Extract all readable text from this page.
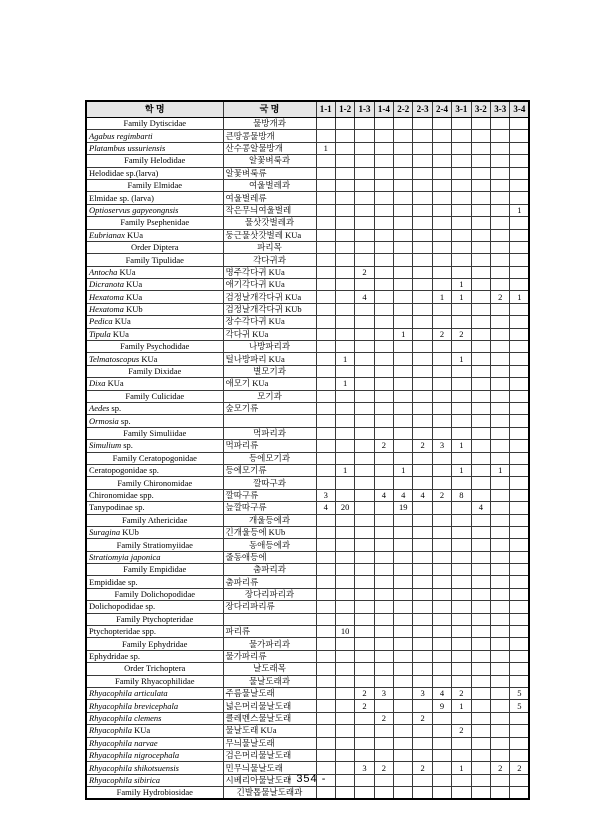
학 명	국 명	1-1	1-2	1-3	1-4	2-2	2-3	2-4	3-1	3-2	3-3	3-4
Family Dytiscidae	물방개과											
Agabus regimbarti	큰땅콩물방개											
Platambus ussuriensis	산수콩알물방개	1										
Family Helodidae	알꽃벼룩과											
Helodidae sp.(larva)	알꽃벼룩류											
Family Elmidae	여울벌레과											
Elmidae sp. (larva)	여울벌레류											
Optioservus gapyeongnsis	작은무늬여울벌레											1
Family Psephenidae	물삿갓벌레과											
Eubrianax KUa	둥근물삿갓벌레 KUa											
Order Diptera	파리목											
Family Tipulidae	각다귀과											
Antocha KUa	명주각다귀 KUa			2								
Dicranota KUa	애기각다귀 KUa								1			
Hexatoma KUa	검정날개각다귀 KUa			4				1	1		2	1
Hexatoma KUb	검정날개각다귀 KUb											
Pedica KUa	장수각다귀 KUa											
Tipula KUa	각다귀 KUa					1		2	2			
Family Psychodidae	나방파리과											
Telmatoscopus KUa	털나방파리 KUa		1						1			
Family Dixidae	별모기과											
Dixa KUa	애모기 KUa		1									
Family Culicidae	모기과											
Aedes sp.	숲모기류											
Ormosia sp.												
Family Simuliidae	먹파리과											
Simulium sp.	먹파리류				2		2	3	1			
Family Ceratopogonidae	등에모기과											
Ceratopogonidae sp.	등에모기류		1			1			1		1	
Family Chironomidae	깔따구과											
Chironomidae spp.	깔따구류	3			4	4	4	2	8			
Tanypodinae sp.	늪깔따구류	4	20			19				4		
Family Athericidae	개울등에과											
Suragina KUb	긴개울등에 KUb											
Family Stratiomyiidae	동애등에과											
Stratiomyia japonica	줄동애등에											
Family Empididae	춤파리과											
Empididae sp.	춤파리류											
Family Dolichopodidae	장다리파리과											
Dolichopodidae sp.	장다리파리류											
Family Ptychopteridae												
Ptychopteridae spp.	파리류		10									
Family Ephydridae	물가파리과											
Ephydridae sp.	물가파리류											
Order Trichoptera	날도래목											
Family Rhyacophilidae	물날도래과											
Rhyacophila articulata	주름물날도래			2	3		3	4	2			5
Rhyacophila brevicephala	넓은머리물날도래			2				9	1			5
Rhyacophila clemens	클레멘스물날도래				2		2					
Rhyacophila KUa	물날도래 KUa								2			
Rhyacophila narvae	무늬물날도래											
Rhyacophila nigrocephala	검은머리물날도래											
Rhyacophila shikotsuensis	민무늬물날도래			3	2		2		1		2	2
Rhyacophila sibirica	시베리아물날도래											
Family Hydrobiosidae	긴발톱물날도래과											
- 354 -
